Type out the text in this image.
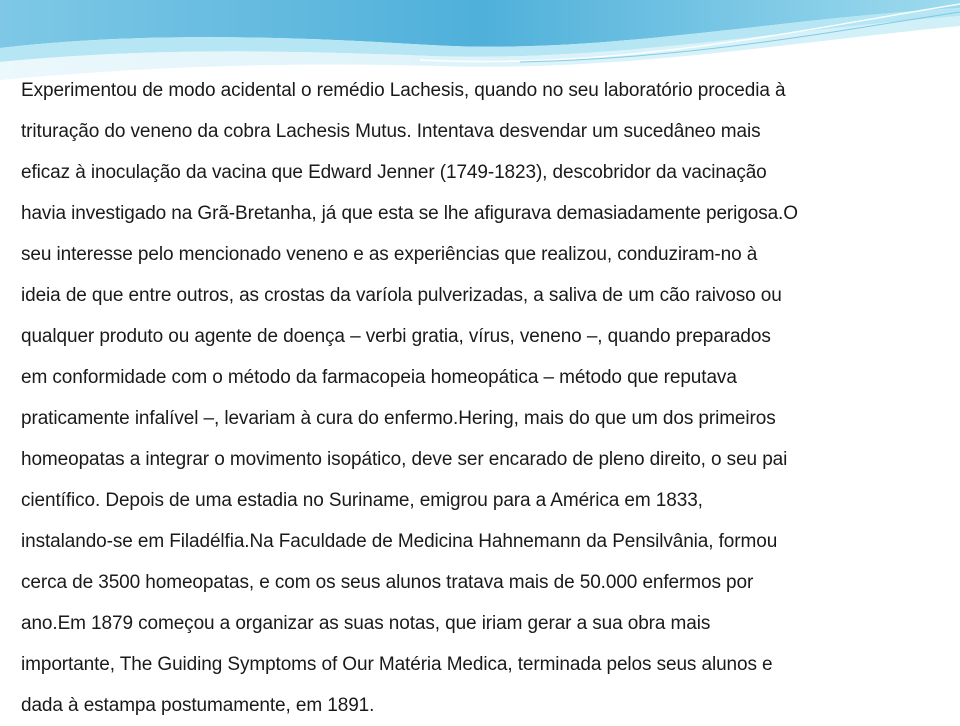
Experimentou de modo acidental o remédio Lachesis, quando no seu laboratório procedia à
trituração do veneno da cobra Lachesis Mutus. Intentava desvendar um sucedâneo mais
eficaz à inoculação da vacina que Edward Jenner (1749-1823), descobridor da vacinação
havia investigado na Grã-Bretanha, já que esta se lhe afigurava demasiadamente perigosa.O
seu interesse pelo mencionado veneno e as experiências que realizou, conduziram-no à
ideia de que entre outros, as crostas da varíola pulverizadas, a saliva de um cão raivoso ou
qualquer produto ou agente de doença – verbi gratia, vírus, veneno –, quando preparados
em conformidade com o método da farmacopeia homeopática – método que reputava
praticamente infalível –, levariam à cura do enfermo.Hering, mais do que um dos primeiros
homeopatas a integrar o movimento isopático, deve ser encarado de pleno direito, o seu pai
científico. Depois de uma estadia no Suriname, emigrou para a América em 1833,
instalando-se em Filadélfia.Na Faculdade de Medicina Hahnemann da Pensilvânia, formou
cerca de 3500 homeopatas, e com os seus alunos tratava mais de 50.000 enfermos por
ano.Em 1879 começou a organizar as suas notas, que iriam gerar a sua obra mais
importante, The Guiding Symptoms of Our Matéria Medica, terminada pelos seus alunos e
dada à estampa postumamente, em 1891.
